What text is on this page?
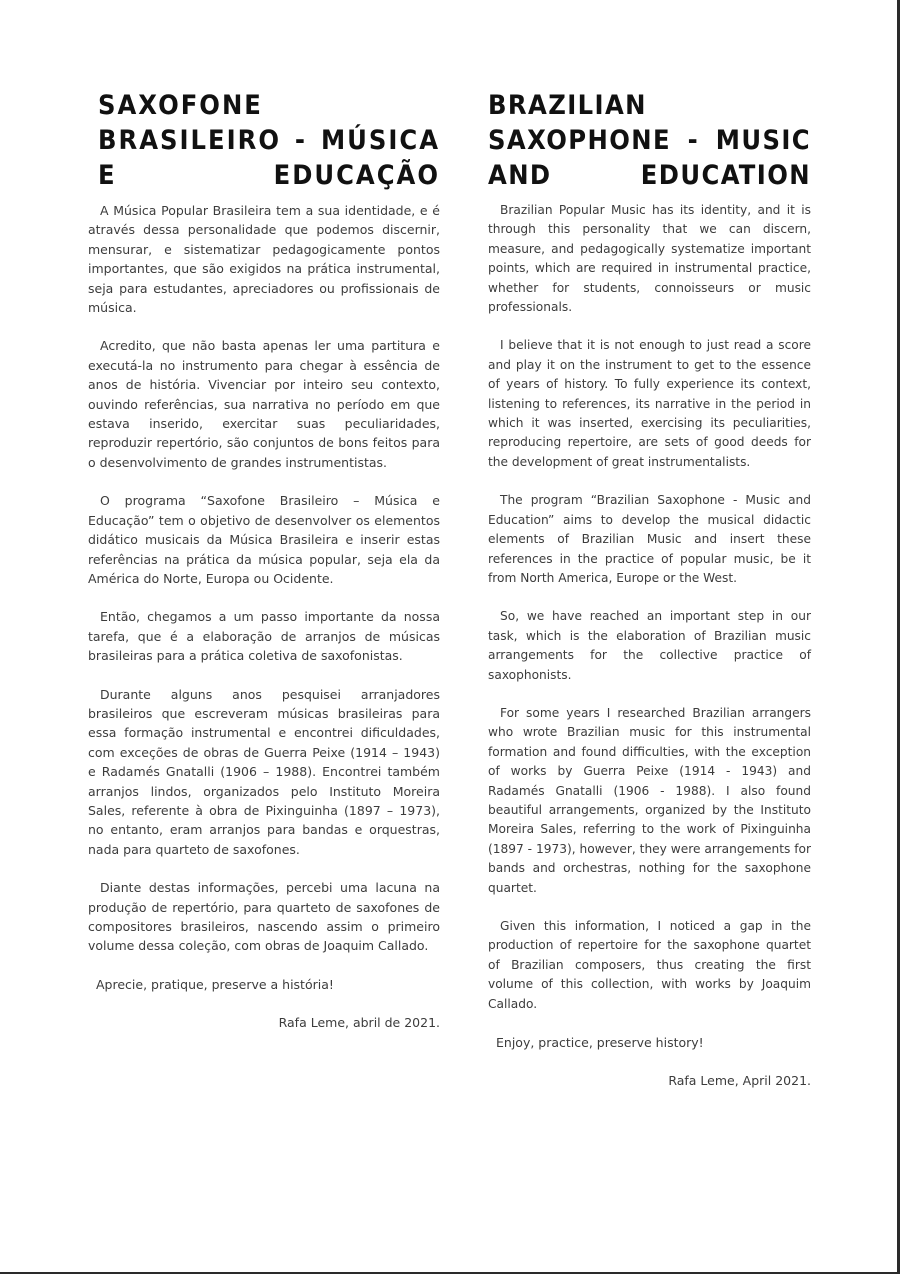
SAXOFONE BRASILEIRO - MÚSICA E EDUCAÇÃO

A Música Popular Brasileira tem a sua identidade, e é através dessa personalidade que podemos discernir, mensurar, e sistematizar pedagogicamente pontos importantes, que são exigidos na prática instrumental, seja para estudantes, apreciadores ou profissionais de música.

Acredito, que não basta apenas ler uma partitura e executá-la no instrumento para chegar à essência de anos de história. Vivenciar por inteiro seu contexto, ouvindo referências, sua narrativa no período em que estava inserido, exercitar suas peculiaridades, reproduzir repertório, são conjuntos de bons feitos para o desenvolvimento de grandes instrumentistas.

O programa “Saxofone Brasileiro – Música e Educação” tem o objetivo de desenvolver os elementos didático musicais da Música Brasileira e inserir estas referências na prática da música popular, seja ela da América do Norte, Europa ou Ocidente.

Então, chegamos a um passo importante da nossa tarefa, que é a elaboração de arranjos de músicas brasileiras para a prática coletiva de saxofonistas.

Durante alguns anos pesquisei arranjadores brasileiros que escreveram músicas brasileiras para essa formação instrumental e encontrei dificuldades, com exceções de obras de Guerra Peixe (1914 – 1943) e Radamés Gnatalli (1906 – 1988). Encontrei também arranjos lindos, organizados pelo Instituto Moreira Sales, referente à obra de Pixinguinha (1897 – 1973), no entanto, eram arranjos para bandas e orquestras, nada para quarteto de saxofones.

Diante destas informações, percebi uma lacuna na produção de repertório, para quarteto de saxofones de compositores brasileiros, nascendo assim o primeiro volume dessa coleção, com obras de Joaquim Callado.

Aprecie, pratique, preserve a história!

Rafa Leme, abril de 2021.

BRAZILIAN SAXOPHONE - MUSIC AND EDUCATION

Brazilian Popular Music has its identity, and it is through this personality that we can discern, measure, and pedagogically systematize important points, which are required in instrumental practice, whether for students, connoisseurs or music professionals.

I believe that it is not enough to just read a score and play it on the instrument to get to the essence of years of history. To fully experience its context, listening to references, its narrative in the period in which it was inserted, exercising its peculiarities, reproducing repertoire, are sets of good deeds for the development of great instrumentalists.

The program “Brazilian Saxophone - Music and Education” aims to develop the musical didactic elements of Brazilian Music and insert these references in the practice of popular music, be it from North America, Europe or the West.

So, we have reached an important step in our task, which is the elaboration of Brazilian music arrangements for the collective practice of saxophonists.

For some years I researched Brazilian arrangers who wrote Brazilian music for this instrumental formation and found difficulties, with the exception of works by Guerra Peixe (1914 - 1943) and Radamés Gnatalli (1906 - 1988). I also found beautiful arrangements, organized by the Instituto Moreira Sales, referring to the work of Pixinguinha (1897 - 1973), however, they were arrangements for bands and orchestras, nothing for the saxophone quartet.

Given this information, I noticed a gap in the production of repertoire for the saxophone quartet of Brazilian composers, thus creating the first volume of this collection, with works by Joaquim Callado.

Enjoy, practice, preserve history!

Rafa Leme, April 2021.
